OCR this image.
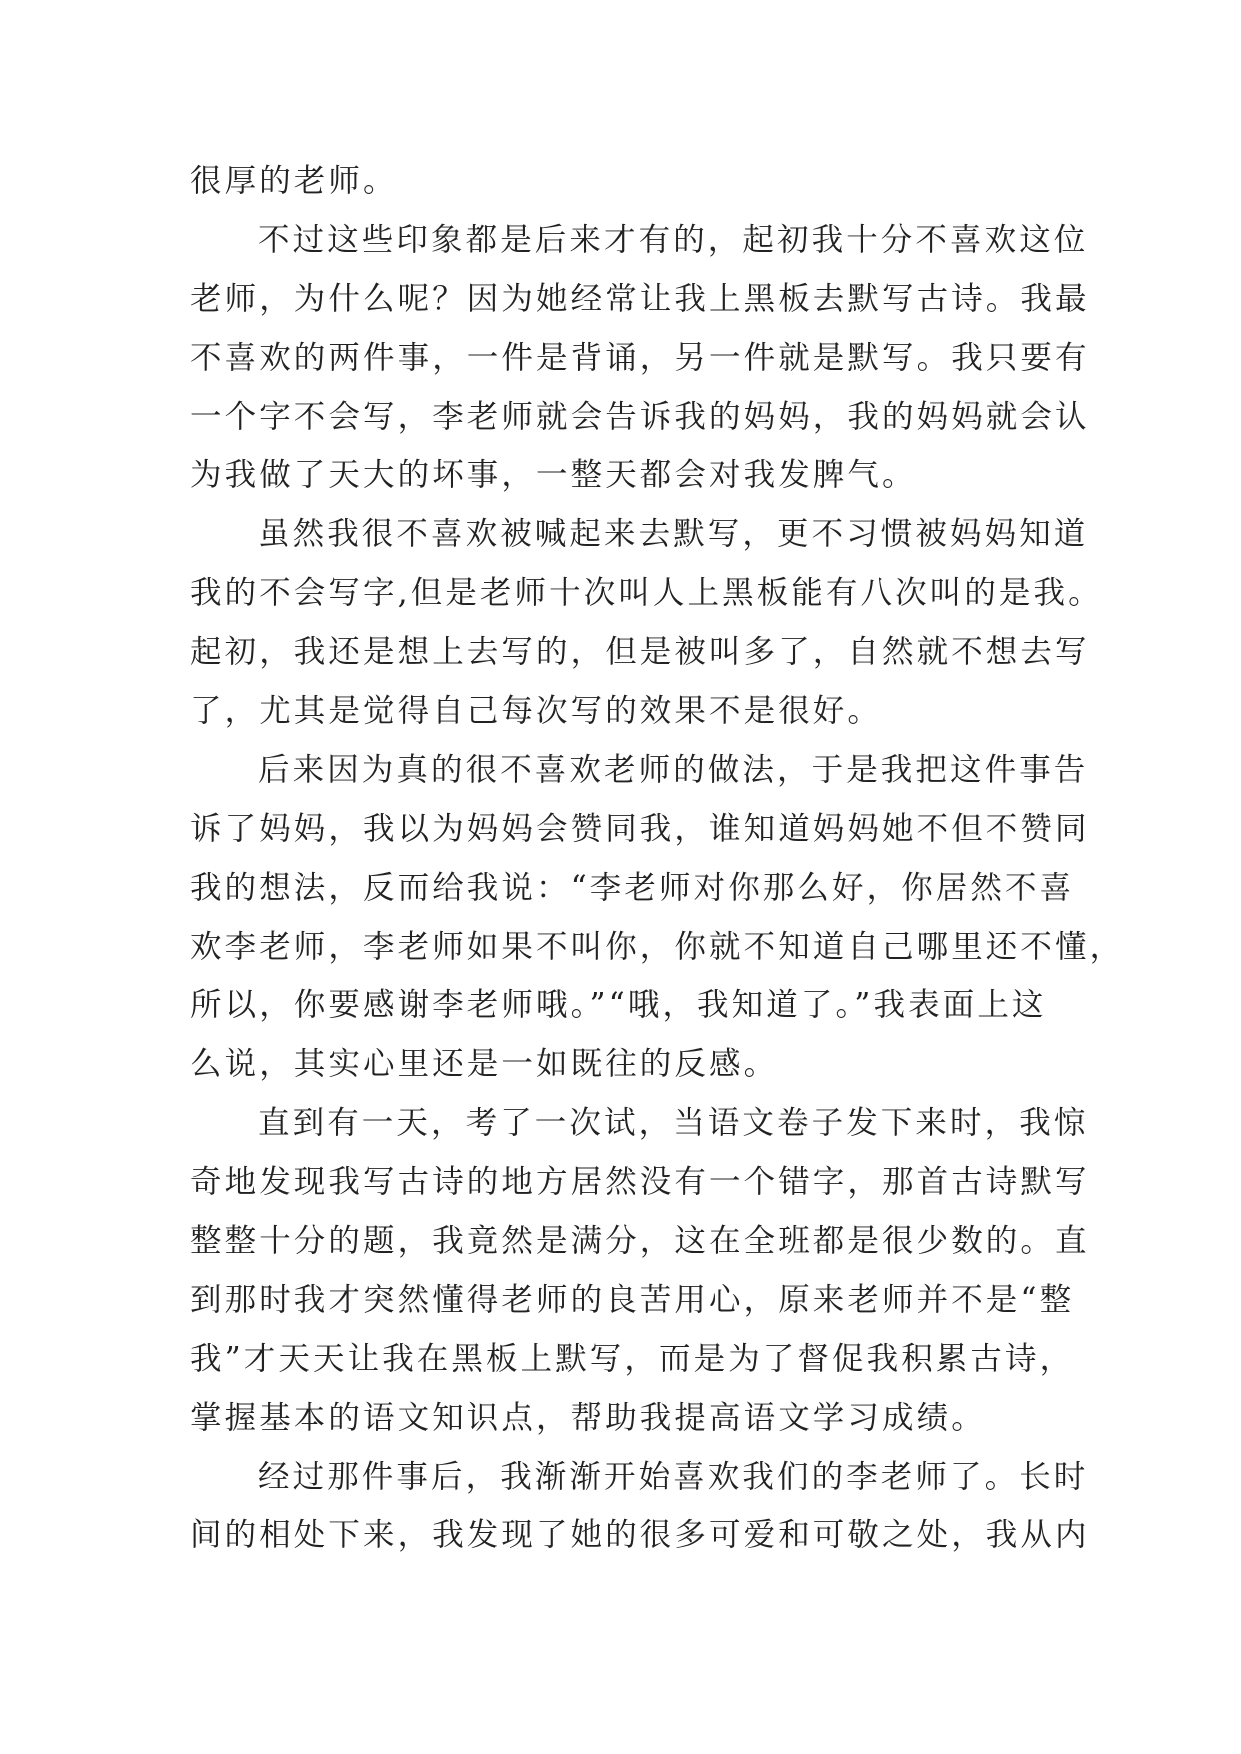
很厚的老师。
不过这些印象都是后来才有的，起初我十分不喜欢这位
老师，为什么呢？因为她经常让我上黑板去默写古诗。我最
不喜欢的两件事，一件是背诵，另一件就是默写。我只要有
一个字不会写，李老师就会告诉我的妈妈，我的妈妈就会认
为我做了天大的坏事，一整天都会对我发脾气。
虽然我很不喜欢被喊起来去默写，更不习惯被妈妈知道
我的不会写字,但是老师十次叫人上黑板能有八次叫的是我。
起初，我还是想上去写的，但是被叫多了，自然就不想去写
了，尤其是觉得自己每次写的效果不是很好。
后来因为真的很不喜欢老师的做法，于是我把这件事告
诉了妈妈，我以为妈妈会赞同我，谁知道妈妈她不但不赞同
我的想法，反而给我说：“李老师对你那么好，你居然不喜
欢李老师，李老师如果不叫你，你就不知道自己哪里还不懂，
所以，你要感谢李老师哦。”“哦，我知道了。”我表面上这
么说，其实心里还是一如既往的反感。
直到有一天，考了一次试，当语文卷子发下来时，我惊
奇地发现我写古诗的地方居然没有一个错字，那首古诗默写
整整十分的题，我竟然是满分，这在全班都是很少数的。直
到那时我才突然懂得老师的良苦用心，原来老师并不是“整
我”才天天让我在黑板上默写，而是为了督促我积累古诗，
掌握基本的语文知识点，帮助我提高语文学习成绩。
经过那件事后，我渐渐开始喜欢我们的李老师了。长时
间的相处下来，我发现了她的很多可爱和可敬之处，我从内
